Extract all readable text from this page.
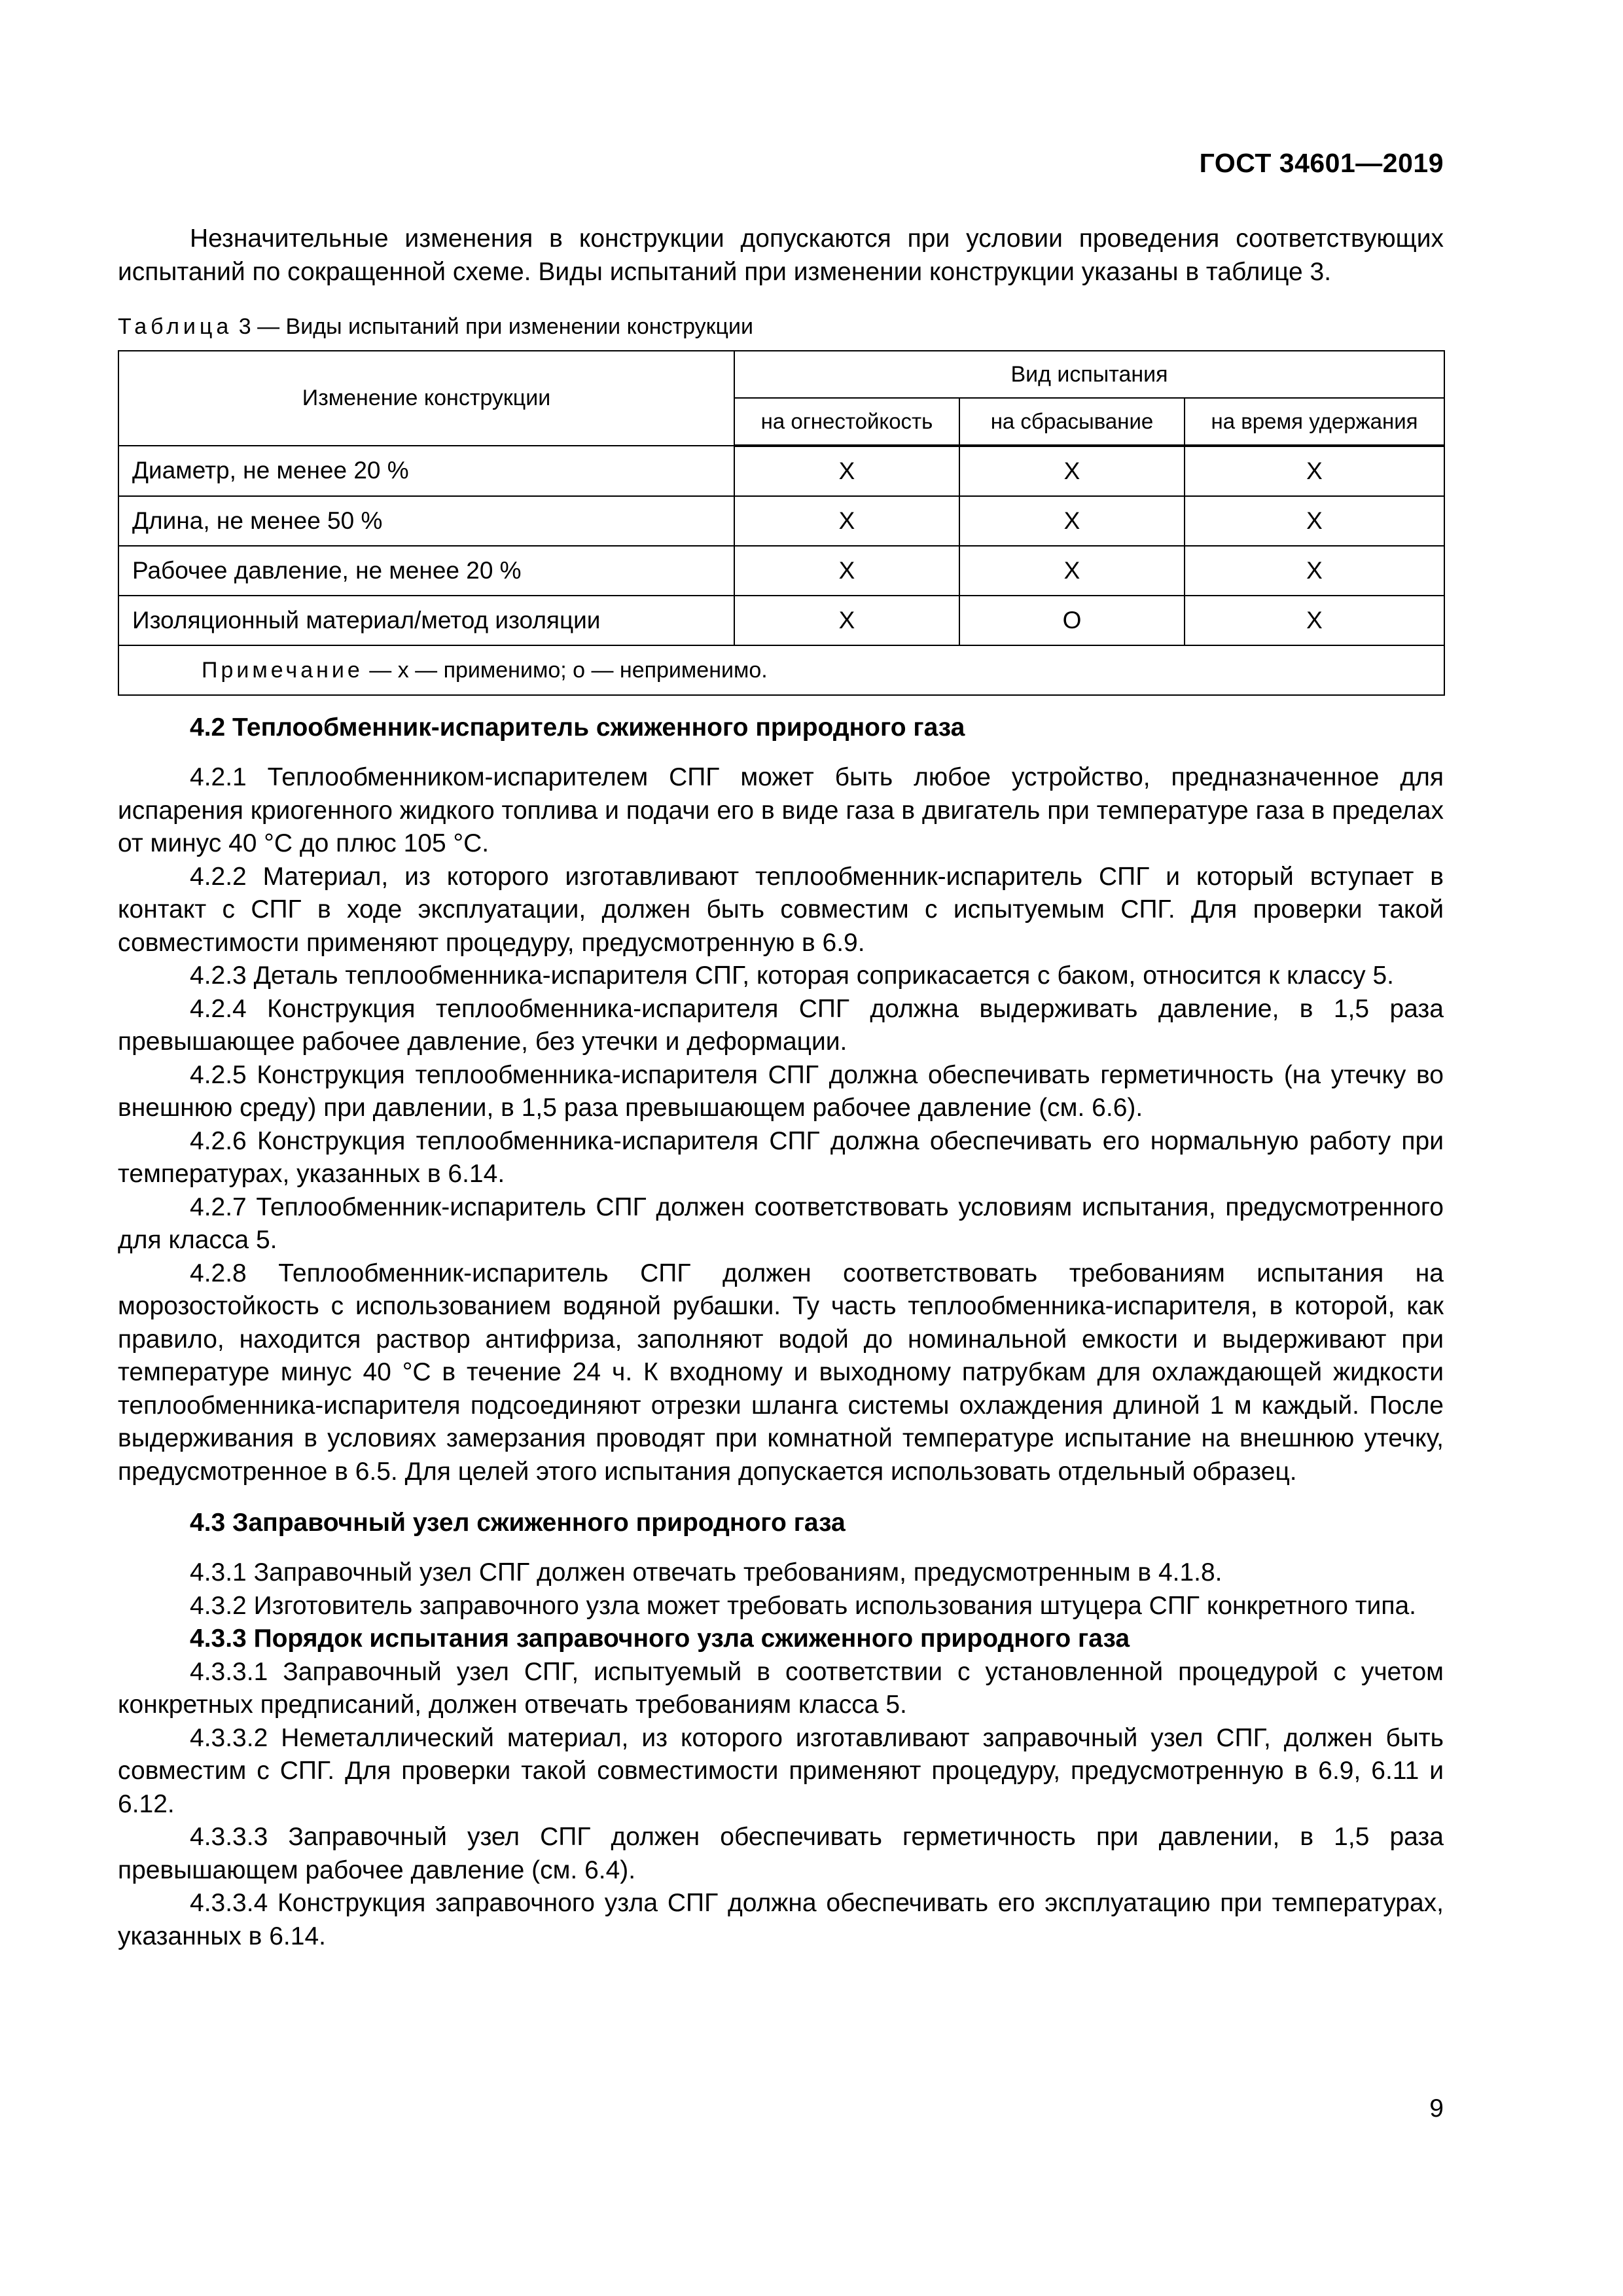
ГОСТ 34601—2019

Незначительные изменения в конструкции допускаются при условии проведения соответствующих испытаний по сокращенной схеме. Виды испытаний при изменении конструкции указаны в таблице 3.

Таблица 3 — Виды испытаний при изменении конструкции
Изменение конструкции	Вид испытания		
	на огнестойкость	на сбрасывание	на время удержания
Диаметр, не менее 20 %	X	X	X
Длина, не менее 50 %	X	X	X
Рабочее давление, не менее 20 %	X	X	X
Изоляционный материал/метод изоляции	X	O	X
Примечание — х — применимо; о — неприменимо.			
4.2 Теплообменник-испаритель сжиженного природного газа

4.2.1 Теплообменником-испарителем СПГ может быть любое устройство, предназначенное для испарения криогенного жидкого топлива и подачи его в виде газа в двигатель при температуре газа в пределах от минус 40 °С до плюс 105 °С.

4.2.2 Материал, из которого изготавливают теплообменник-испаритель СПГ и который вступает в контакт с СПГ в ходе эксплуатации, должен быть совместим с испытуемым СПГ. Для проверки такой совместимости применяют процедуру, предусмотренную в 6.9.

4.2.3 Деталь теплообменника-испарителя СПГ, которая соприкасается с баком, относится к классу 5.

4.2.4 Конструкция теплообменника-испарителя СПГ должна выдерживать давление, в 1,5 раза превышающее рабочее давление, без утечки и деформации.

4.2.5 Конструкция теплообменника-испарителя СПГ должна обеспечивать герметичность (на утечку во внешнюю среду) при давлении, в 1,5 раза превышающем рабочее давление (см. 6.6).

4.2.6 Конструкция теплообменника-испарителя СПГ должна обеспечивать его нормальную работу при температурах, указанных в 6.14.

4.2.7 Теплообменник-испаритель СПГ должен соответствовать условиям испытания, предусмотренного для класса 5.

4.2.8 Теплообменник-испаритель СПГ должен соответствовать требованиям испытания на морозостойкость с использованием водяной рубашки. Ту часть теплообменника-испарителя, в которой, как правило, находится раствор антифриза, заполняют водой до номинальной емкости и выдерживают при температуре минус 40 °С в течение 24 ч. К входному и выходному патрубкам для охлаждающей жидкости теплообменника-испарителя подсоединяют отрезки шланга системы охлаждения длиной 1 м каждый. После выдерживания в условиях замерзания проводят при комнатной температуре испытание на внешнюю утечку, предусмотренное в 6.5. Для целей этого испытания допускается использовать отдельный образец.

4.3 Заправочный узел сжиженного природного газа

4.3.1 Заправочный узел СПГ должен отвечать требованиям, предусмотренным в 4.1.8.

4.3.2 Изготовитель заправочного узла может требовать использования штуцера СПГ конкретного типа.

4.3.3 Порядок испытания заправочного узла сжиженного природного газа

4.3.3.1 Заправочный узел СПГ, испытуемый в соответствии с установленной процедурой с учетом конкретных предписаний, должен отвечать требованиям класса 5.

4.3.3.2 Неметаллический материал, из которого изготавливают заправочный узел СПГ, должен быть совместим с СПГ. Для проверки такой совместимости применяют процедуру, предусмотренную в 6.9, 6.11 и 6.12.

4.3.3.3 Заправочный узел СПГ должен обеспечивать герметичность при давлении, в 1,5 раза превышающем рабочее давление (см. 6.4).

4.3.3.4 Конструкция заправочного узла СПГ должна обеспечивать его эксплуатацию при температурах, указанных в 6.14.

9
